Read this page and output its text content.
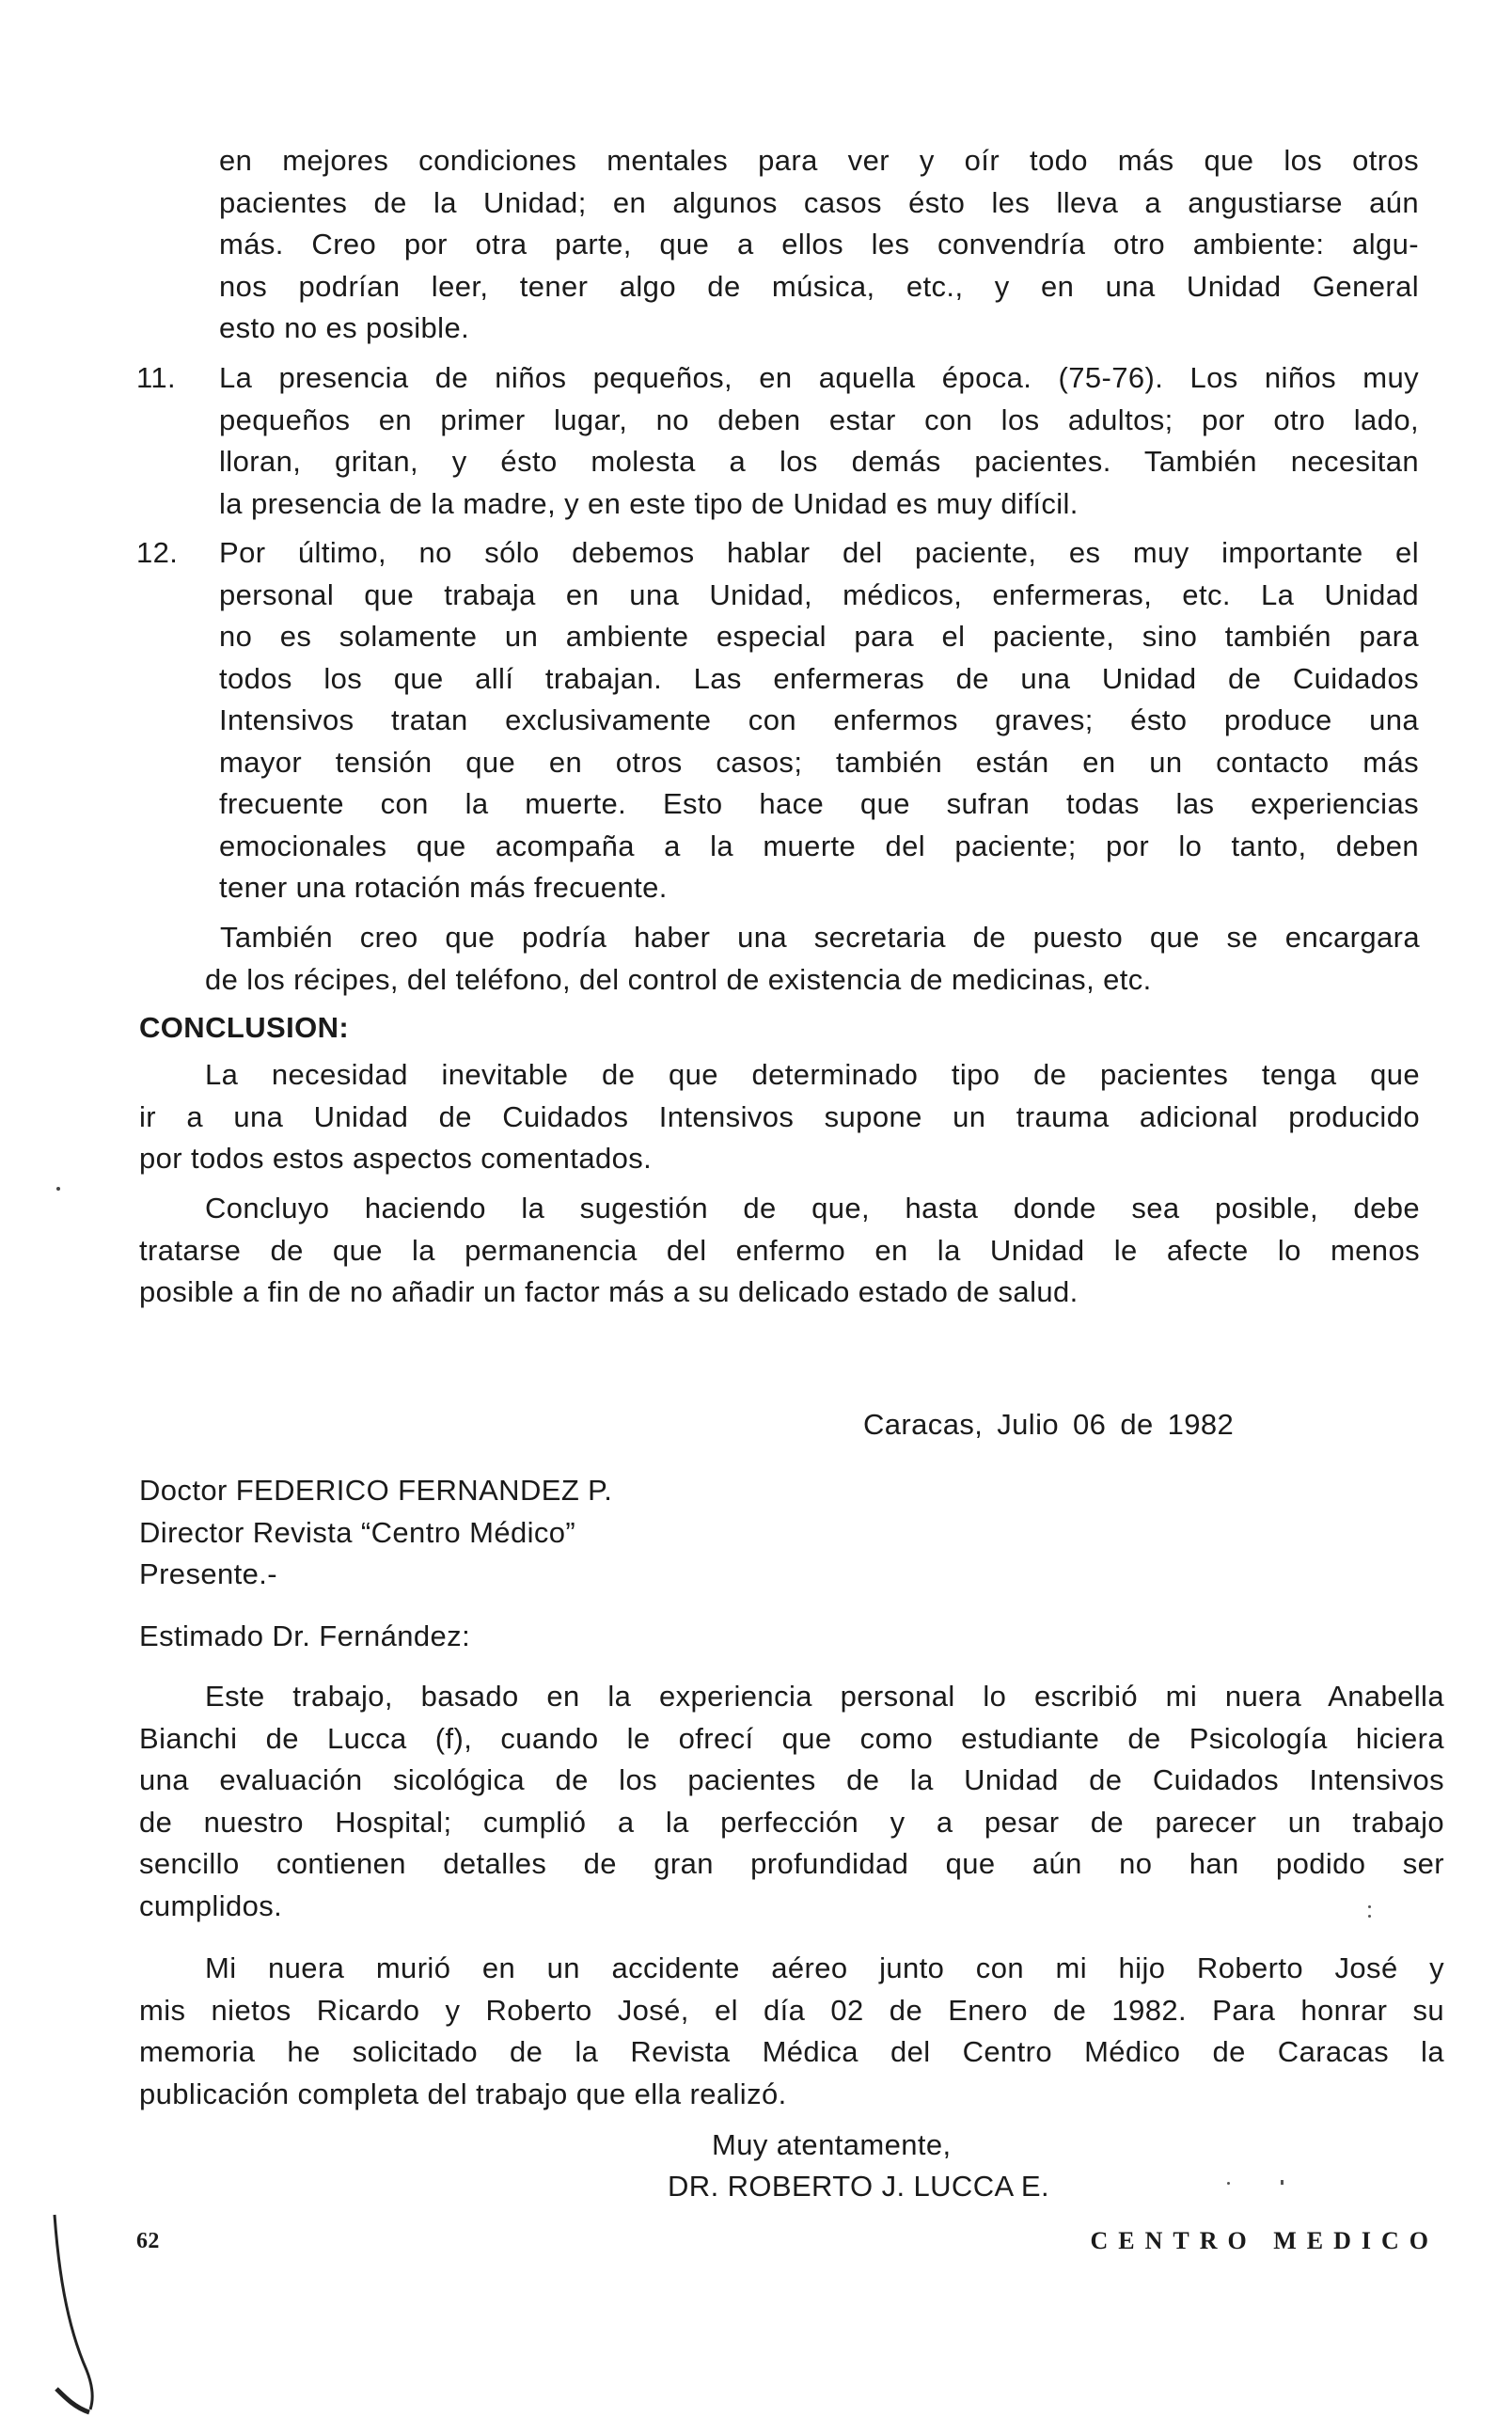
en mejores condiciones mentales para ver y oír todo más que los otros
pacientes de la Unidad; en algunos casos ésto les lleva a angustiarse aún
más. Creo por otra parte, que a ellos les convendría otro ambiente: algu-
nos podrían leer, tener algo de música, etc., y en una Unidad General
esto no es posible.
11. La presencia de niños pequeños, en aquella época. (75-76). Los niños muy
pequeños en primer lugar, no deben estar con los adultos; por otro lado,
lloran, gritan, y ésto molesta a los demás pacientes. También necesitan
la presencia de la madre, y en este tipo de Unidad es muy difícil.
12. Por último, no sólo debemos hablar del paciente, es muy importante el
personal que trabaja en una Unidad, médicos, enfermeras, etc. La Unidad
no es solamente un ambiente especial para el paciente, sino también para
todos los que allí trabajan. Las enfermeras de una Unidad de Cuidados
Intensivos tratan exclusivamente con enfermos graves; ésto produce una
mayor tensión que en otros casos; también están en un contacto más
frecuente con la muerte. Esto hace que sufran todas las experiencias
emocionales que acompaña a la muerte del paciente; por lo tanto, deben
tener una rotación más frecuente.
También creo que podría haber una secretaria de puesto que se encargara
de los récipes, del teléfono, del control de existencia de medicinas, etc.
CONCLUSION:
La necesidad inevitable de que determinado tipo de pacientes tenga que
ir a una Unidad de Cuidados Intensivos supone un trauma adicional producido
por todos estos aspectos comentados.
Concluyo haciendo la sugestión de que, hasta donde sea posible, debe
tratarse de que la permanencia del enfermo en la Unidad le afecte lo menos
posible a fin de no añadir un factor más a su delicado estado de salud.
Caracas, Julio 06 de 1982
Doctor FEDERICO FERNANDEZ P.
Director Revista “Centro Médico”
Presente.-
Estimado Dr. Fernández:
Este trabajo, basado en la experiencia personal lo escribió mi nuera Anabella
Bianchi de Lucca (f), cuando le ofrecí que como estudiante de Psicología hiciera
una evaluación sicológica de los pacientes de la Unidad de Cuidados Intensivos
de nuestro Hospital; cumplió a la perfección y a pesar de parecer un trabajo
sencillo contienen detalles de gran profundidad que aún no han podido ser
cumplidos.
Mi nuera murió en un accidente aéreo junto con mi hijo Roberto José y
mis nietos Ricardo y Roberto José, el día 02 de Enero de 1982. Para honrar su
memoria he solicitado de la Revista Médica del Centro Médico de Caracas la
publicación completa del trabajo que ella realizó.
Muy atentamente,
DR. ROBERTO J. LUCCA E.
62	CENTRO MEDICO
